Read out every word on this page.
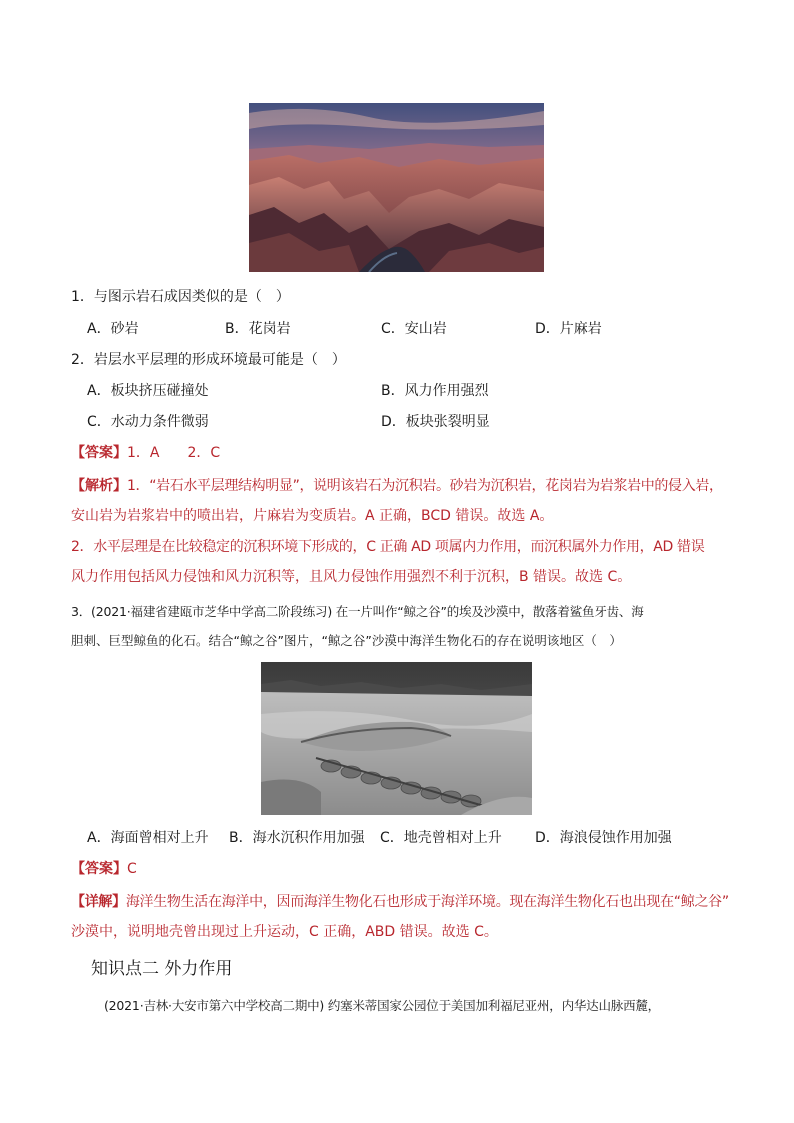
1．与图示岩石成因类似的是（　）
A．砂岩	B．花岗岩	C．安山岩	D．片麻岩
2．岩层水平层理的形成环境最可能是（　）
A．板块挤压碰撞处	B．风力作用强烈
C．水动力条件微弱	D．板块张裂明显
【答案】1．A　　2．C
【解析】1．“岩石水平层理结构明显”，说明该岩石为沉积岩。砂岩为沉积岩，花岗岩为岩浆岩中的侵入岩，
安山岩为岩浆岩中的喷出岩，片麻岩为变质岩。A 正确，BCD 错误。故选 A。
2．水平层理是在比较稳定的沉积环境下形成的，C 正确 AD 项属内力作用，而沉积属外力作用，AD 错误
风力作用包括风力侵蚀和风力沉积等，且风力侵蚀作用强烈不利于沉积，B 错误。故选 C。
3．(2021·福建省建瓯市芝华中学高二阶段练习) 在一片叫作“鲸之谷”的埃及沙漠中，散落着鲨鱼牙齿、海
胆刺、巨型鲸鱼的化石。结合“鲸之谷”图片，“鲸之谷”沙漠中海洋生物化石的存在说明该地区（　）
A．海面曾相对上升 B．海水沉积作用加强 C．地壳曾相对上升 D．海浪侵蚀作用加强
【答案】C
【详解】海洋生物生活在海洋中，因而海洋生物化石也形成于海洋环境。现在海洋生物化石也出现在“鲸之谷”
沙漠中，说明地壳曾出现过上升运动，C 正确，ABD 错误。故选 C。
知识点二 外力作用
(2021·吉林·大安市第六中学校高二期中) 约塞米蒂国家公园位于美国加利福尼亚州，内华达山脉西麓，
